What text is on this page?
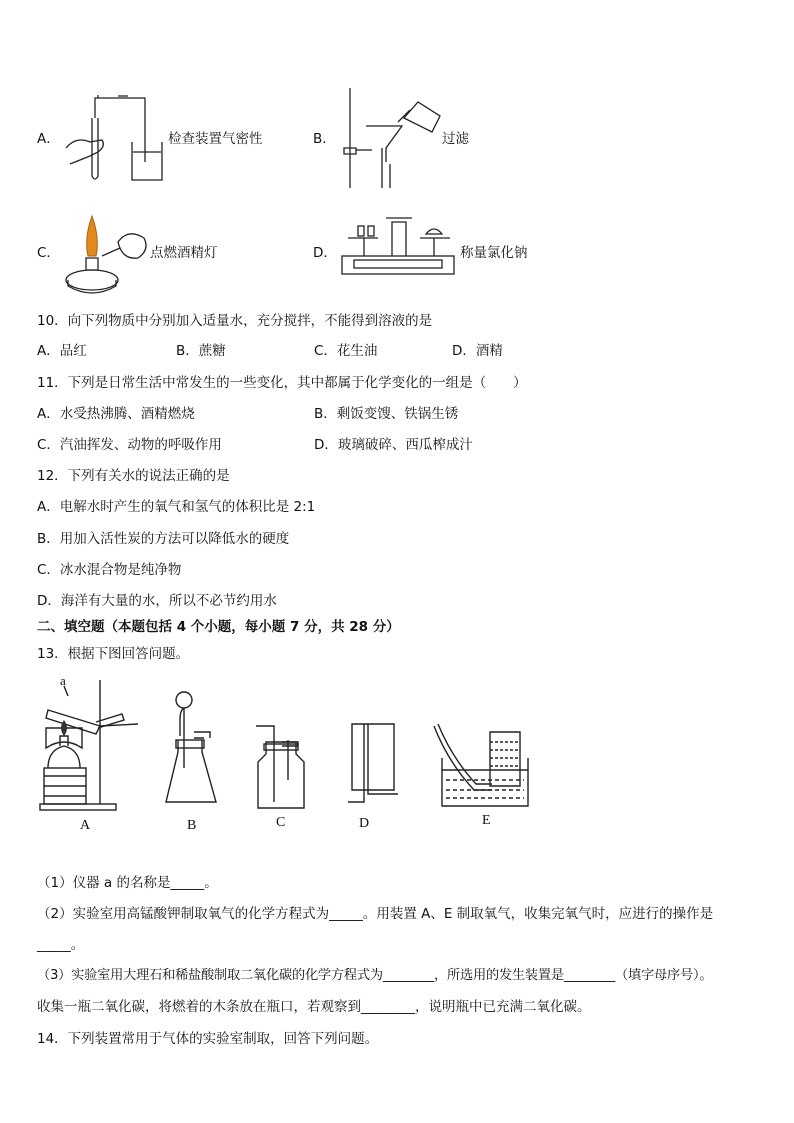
A．	检查装置气密性	B．	过滤
C．	点燃酒精灯	D．	称量氯化钠
10．向下列物质中分别加入适量水，充分搅拌，不能得到溶液的是
A．品红	B．蔗糖	C．花生油	D．酒精
11．下列是日常生活中常发生的一些变化，其中都属于化学变化的一组是（　　）
A．水受热沸腾、酒精燃烧	B．剩饭变馊、铁锅生锈
C．汽油挥发、动物的呼吸作用	D．玻璃破碎、西瓜榨成汁
12．下列有关水的说法正确的是
A．电解水时产生的氧气和氢气的体积比是 2:1
B．用加入活性炭的方法可以降低水的硬度
C．冰水混合物是纯净物
D．海洋有大量的水，所以不必节约用水
二、填空题（本题包括 4 个小题，每小题 7 分，共 28 分）
13．根据下图回答问题。
a
A	B	C	D	E
（1）仪器 a 的名称是_____。
（2）实验室用高锰酸钾制取氧气的化学方程式为_____。用装置 A、E 制取氧气，收集完氧气时，应进行的操作是
_____。
（3）实验室用大理石和稀盐酸制取二氧化碳的化学方程式为________，所选用的发生装置是________（填字母序号）。
收集一瓶二氧化碳，将燃着的木条放在瓶口，若观察到________，说明瓶中已充满二氧化碳。
14．下列装置常用于气体的实验室制取，回答下列问题。
